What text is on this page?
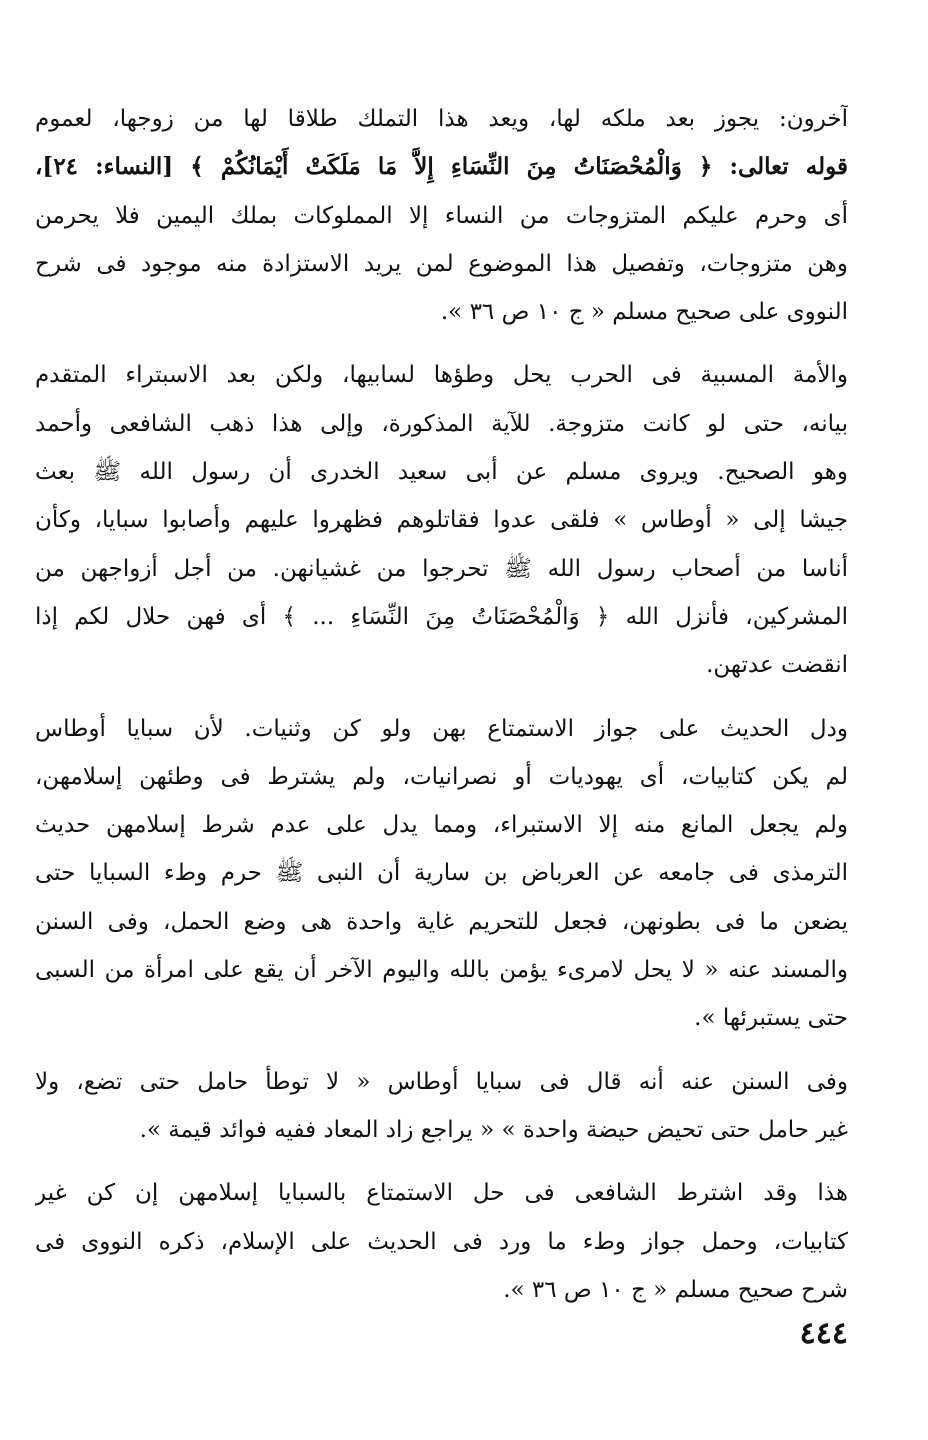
آخرون: يجوز بعد ملكه لها، ويعد هذا التملك طلاقا لها من زوجها، لعموم
قوله تعالى: ﴿ وَالْمُحْصَنَاتُ مِنَ النِّسَاءِ إِلاَّ مَا مَلَكَتْ أَيْمَانُكُمْ ﴾ [النساء: ٢٤]،
أى وحرم عليكم المتزوجات من النساء إلا المملوكات بملك اليمين فلا يحرمن
وهن متزوجات، وتفصيل هذا الموضوع لمن يريد الاستزادة منه موجود فى شرح
النووى على صحيح مسلم « ج ١٠ ص ٣٦ ».
والأمة المسبية فى الحرب يحل وطؤها لسابيها، ولكن بعد الاسبتراء المتقدم
بيانه، حتى لو كانت متزوجة. للآية المذكورة، وإلى هذا ذهب الشافعى وأحمد
وهو الصحيح. ويروى مسلم عن أبى سعيد الخدرى أن رسول الله ﷺ بعث
جيشا إلى « أوطاس » فلقى عدوا فقاتلوهم فظهروا عليهم وأصابوا سبايا، وكأن
أناسا من أصحاب رسول الله ﷺ تحرجوا من غشيانهن. من أجل أزواجهن من
المشركين، فأنزل الله ﴿ وَالْمُحْصَنَاتُ مِنَ النِّسَاءِ ... ﴾ أى فهن حلال لكم إذا
انقضت عدتهن.
ودل الحديث على جواز الاستمتاع بهن ولو كن وثنيات. لأن سبايا أوطاس
لم يكن كتابيات، أى يهوديات أو نصرانيات، ولم يشترط فى وطئهن إسلامهن،
ولم يجعل المانع منه إلا الاستبراء، ومما يدل على عدم شرط إسلامهن حديث
الترمذى فى جامعه عن العرباض بن سارية أن النبى ﷺ حرم وطء السبايا حتى
يضعن ما فى بطونهن، فجعل للتحريم غاية واحدة هى وضع الحمل، وفى السنن
والمسند عنه « لا يحل لامرىء يؤمن بالله واليوم الآخر أن يقع على امرأة من السبى
حتى يستبرئها ».
وفى السنن عنه أنه قال فى سبايا أوطاس « لا توطأ حامل حتى تضع، ولا
غير حامل حتى تحيض حيضة واحدة » « يراجع زاد المعاد ففيه فوائد قيمة ».
هذا وقد اشترط الشافعى فى حل الاستمتاع بالسبايا إسلامهن إن كن غير
كتابيات، وحمل جواز وطء ما ورد فى الحديث على الإسلام، ذكره النووى فى
شرح صحيح مسلم « ج ١٠ ص ٣٦ ».
٤٤٤
